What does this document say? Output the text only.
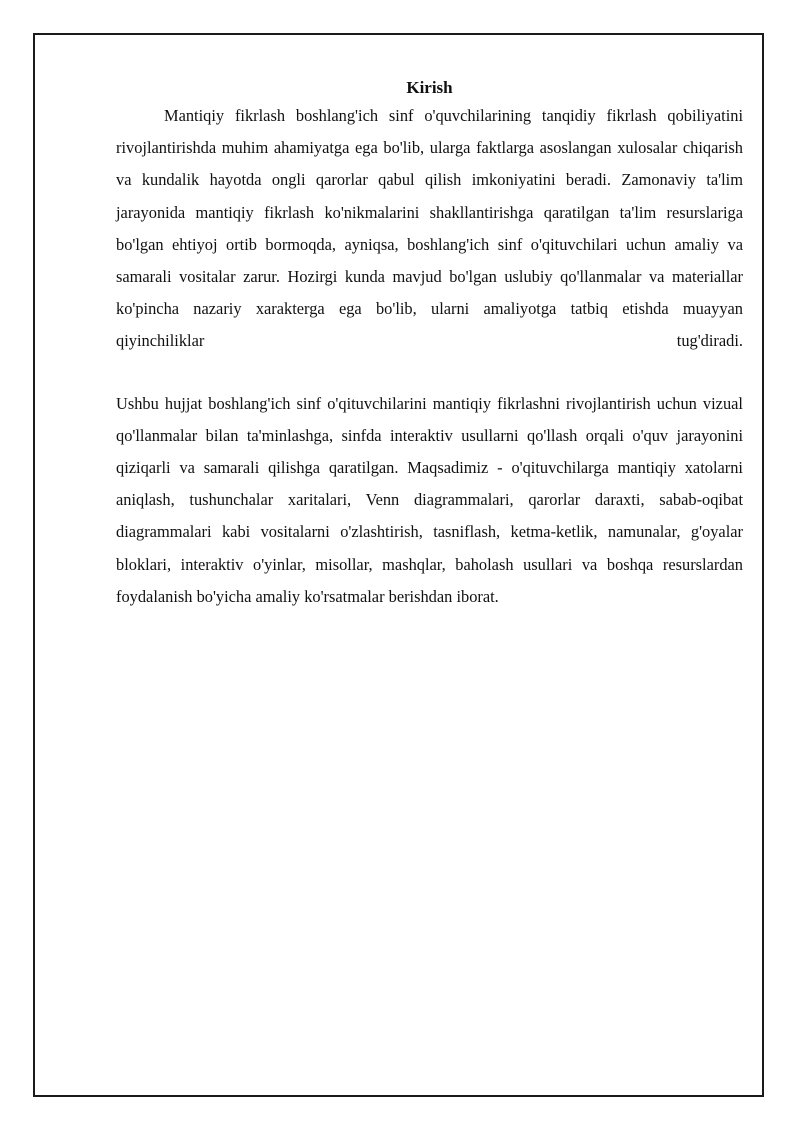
Kirish

Mantiqiy fikrlash boshlang'ich sinf o'quvchilarining tanqidiy fikrlash qobiliyatini rivojlantirishda muhim ahamiyatga ega bo'lib, ularga faktlarga asoslangan xulosalar chiqarish va kundalik hayotda ongli qarorlar qabul qilish imkoniyatini beradi. Zamonaviy ta'lim jarayonida mantiqiy fikrlash ko'nikmalarini shakllantirishga qaratilgan ta'lim resurslariga bo'lgan ehtiyoj ortib bormoqda, ayniqsa, boshlang'ich sinf o'qituvchilari uchun amaliy va samarali vositalar zarur. Hozirgi kunda mavjud bo'lgan uslubiy qo'llanmalar va materiallar ko'pincha nazariy xarakterga ega bo'lib, ularni amaliyotga tatbiq etishda muayyan qiyinchiliklar tug'diradi.

Ushbu hujjat boshlang'ich sinf o'qituvchilarini mantiqiy fikrlashni rivojlantirish uchun vizual qo'llanmalar bilan ta'minlashga, sinfda interaktiv usullarni qo'llash orqali o'quv jarayonini qiziqarli va samarali qilishga qaratilgan. Maqsadimiz - o'qituvchilarga mantiqiy xatolarni aniqlash, tushunchalar xaritalari, Venn diagrammalari, qarorlar daraxti, sabab-oqibat diagrammalari kabi vositalarni o'zlashtirish, tasniflash, ketma-ketlik, namunalar, g'oyalar bloklari, interaktiv o'yinlar, misollar, mashqlar, baholash usullari va boshqa resurslardan foydalanish bo'yicha amaliy ko'rsatmalar berishdan iborat.
